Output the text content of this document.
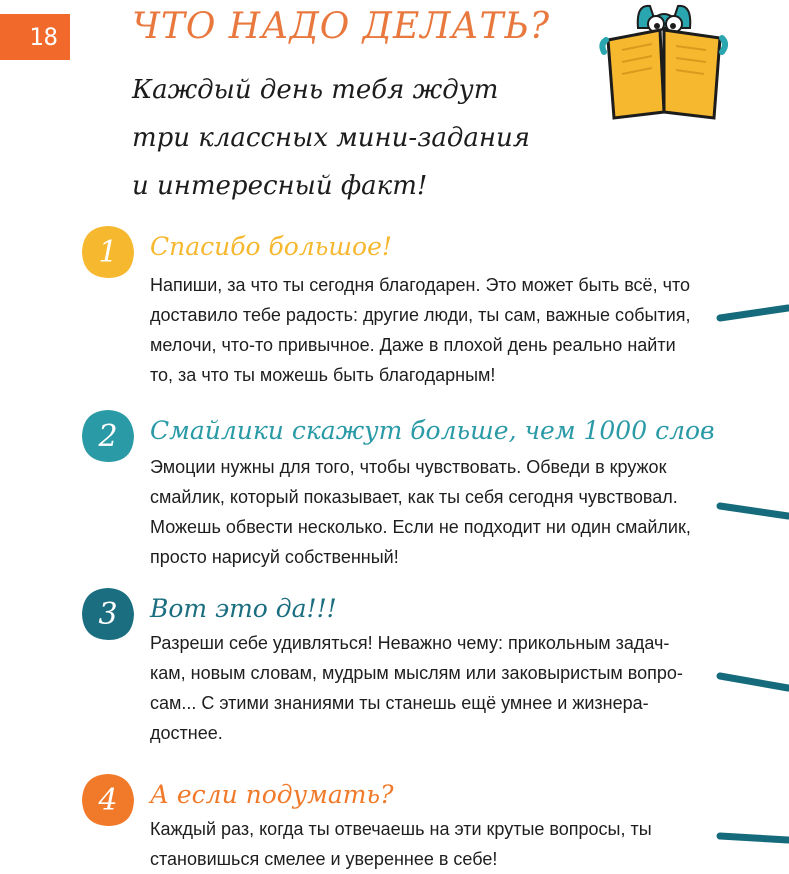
18 ЧТО НАДО ДЕЛАТЬ?
Каждый день тебя ждут
три классных мини-задания
и интересный факт!
1	Спасибо большое!
Напиши, за что ты сегодня благодарен. Это может быть всё, что
доставило тебе радость: другие люди, ты сам, важные события,
мелочи, что-то привычное. Даже в плохой день реально найти
то, за что ты можешь быть благодарным!
2	Смайлики скажут больше, чем 1000 слов
Эмоции нужны для того, чтобы чувствовать. Обведи в кружок
смайлик, который показывает, как ты себя сегодня чувствовал.
Можешь обвести несколько. Если не подходит ни один смайлик,
просто нарисуй собственный!
3	Вот это да!!!
Разреши себе удивляться! Неважно чему: прикольным задач-
кам, новым словам, мудрым мыслям или заковыристым вопро-
сам... С этими знаниями ты станешь ещё умнее и жизнера-
достнее.
4	А если подумать?
Каждый раз, когда ты отвечаешь на эти крутые вопросы, ты
становишься смелее и увереннее в себе!
